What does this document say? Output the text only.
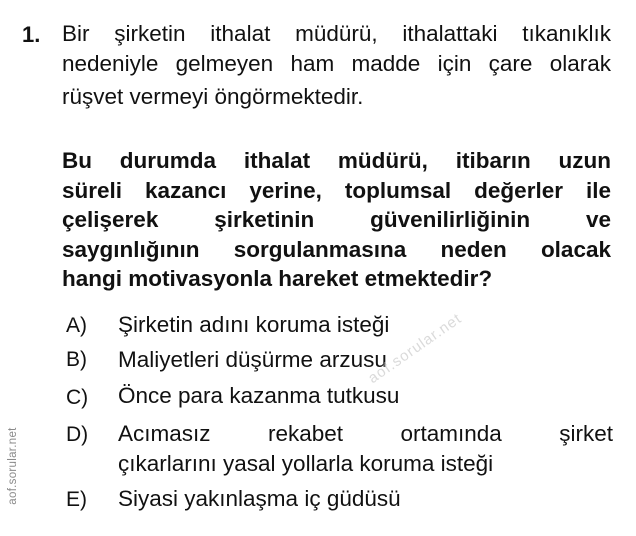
1. Bir şirketin ithalat müdürü, ithalattaki tıkanıklık
nedeniyle gelmeyen ham madde için çare olarak
rüşvet vermeyi öngörmektedir.
Bu durumda ithalat müdürü, itibarın uzun
süreli kazancı yerine, toplumsal değerler ile
çelişerek şirketinin güvenilirliğinin ve
saygınlığının sorgulanmasına neden olacak
hangi motivasyonla hareket etmektedir?
A) Şirketin adını koruma isteği
B) Maliyetleri düşürme arzusu
C) Önce para kazanma tutkusu
D) Acımasız rekabet ortamında şirket
çıkarlarını yasal yollarla koruma isteği
E) Siyasi yakınlaşma iç güdüsü
aof.sorular.net
aof.sorular.net
